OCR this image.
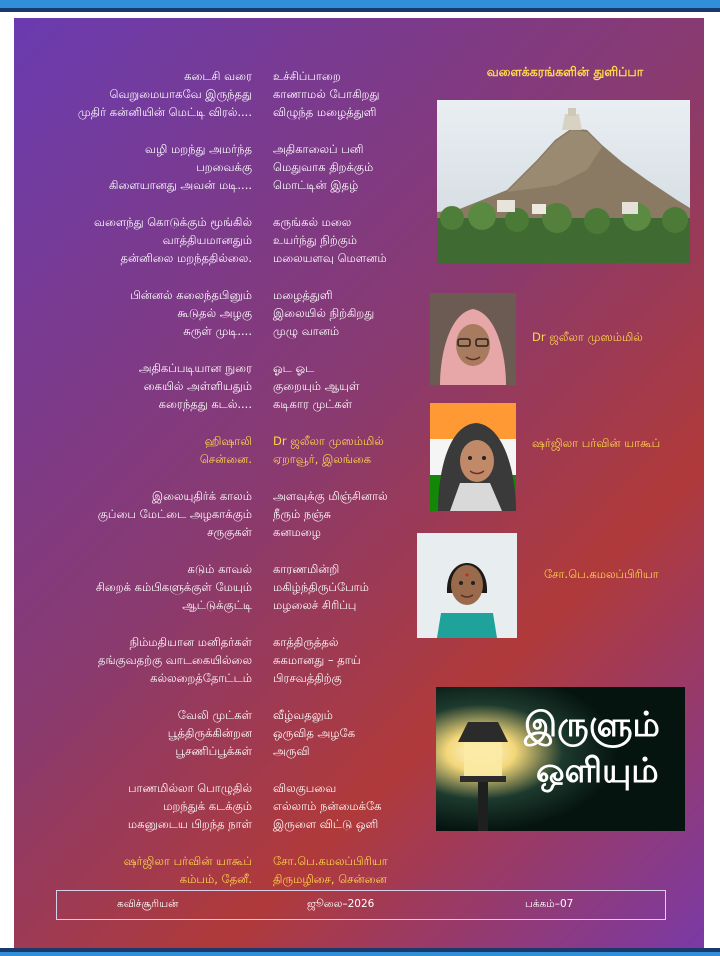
கடைசி வரை
வெறுமையாகவே இருந்தது
முதிர் கன்னியின் மெட்டி விரல்....
வழி மறந்து அமர்ந்த
பறவைக்கு
கிளையானது அவன் மடி....
வளைந்து கொடுக்கும் மூங்கில்
வாத்தியமானதும்
தன்னிலை மறந்ததில்லை.
பின்னல் கலைந்தபினும்
கூடுதல் அழகு
சுருள் முடி....
அதிகப்படியான நுரை
கையில் அள்ளியதும்
கரைந்தது கடல்....
ஹிஷாலி
சென்னை.
இலையுதிர்க் காலம்
குப்பை மேட்டை அழகாக்கும்
சருகுகள்
கடும் காவல்
சிறைக் கம்பிகளுக்குள் மேயும்
ஆட்டுக்குட்டி
நிம்மதியான மனிதர்கள்
தங்குவதற்கு வாடகையில்லை
கல்லறைத்தோட்டம்
வேலி முட்கள்
பூத்திருக்கின்றன
பூசணிப்பூக்கள்
பாணமில்லா பொழுதில்
மறந்துக் கடக்கும்
மகனுடைய பிறந்த நாள்
ஷர்ஜிலா பர்வின் யாகூப்
கம்பம், தேனீ.
உச்சிப்பாறை
காணாமல் போகிறது
விழுந்த மழைத்துளி
அதிகாலைப் பனி
மெதுவாக திறக்கும்
மொட்டின் இதழ்
கருங்கல் மலை
உயர்ந்து நிற்கும்
மலையளவு மௌனம்
மழைத்துளி
இலையில் நிற்கிறது
முழு வானம்
ஓட ஓட
குறையும் ஆயுள்
கடிகார முட்கள்
Dr ஜலீலா முஸம்மில்
ஏறாவூர், இலங்கை
அளவுக்கு மிஞ்சினால்
நீரும் நஞ்சு
கனமழை
காரணமின்றி
மகிழ்ந்திருப்போம்
மழலைச் சிரிப்பு
காத்திருத்தல்
சுகமானது – தாய்
பிரசவத்திற்கு
வீழ்வதலும்
ஒருவித அழகே
அருவி
விலகுபவை
எல்லாம் நன்மைக்கே
இருளை விட்டு ஒளி
சோ.பெ.கமலப்பிரியா
திருமழிசை, சென்னை
வளைக்கரங்களின் துளிப்பா
Dr ஜலீலா முஸம்மில்
ஷர்ஜிலா பர்வின் யாகூப்
சோ.பெ.கமலப்பிரியா
இருளும்
ஒளியும்
கவிச்சூரியன்	ஜூலை–2026	பக்கம்–07
